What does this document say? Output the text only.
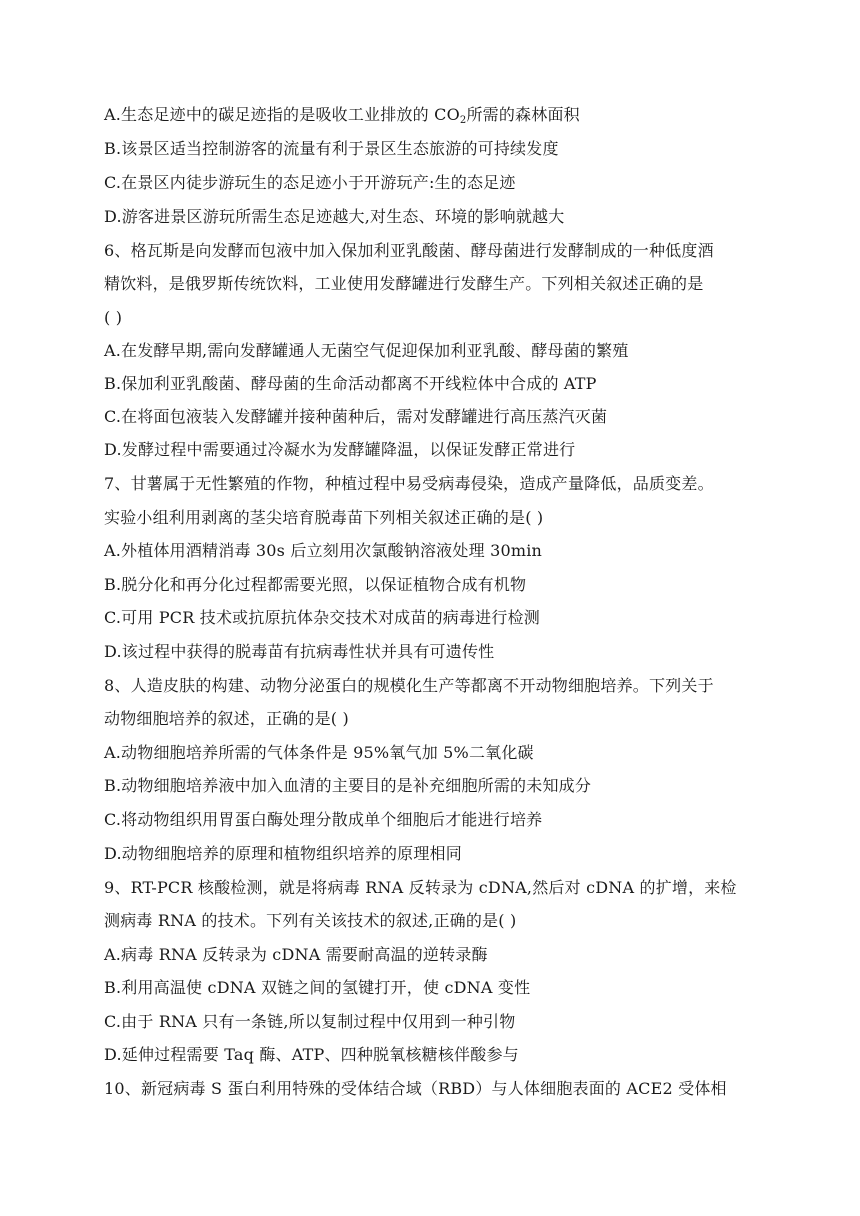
A.生态足迹中的碳足迹指的是吸收工业排放的 $CO_2$所需的森林面积
B.该景区适当控制游客的流量有利于景区生态旅游的可持续发度
C.在景区内徒步游玩生的态足迹小于开游玩产:生的态足迹
D.游客进景区游玩所需生态足迹越大,对生态、环境的影响就越大
6、格瓦斯是向发酵而包液中加入保加利亚乳酸菌、酵母菌进行发酵制成的一种低度酒
精饮料，是俄罗斯传统饮料，工业使用发酵罐进行发酵生产。下列相关叙述正确的是
( )
A.在发酵早期,需向发酵罐通人无菌空气促迎保加利亚乳酸、酵母菌的繁殖
B.保加利亚乳酸菌、酵母菌的生命活动都离不开线粒体中合成的 ATP
C.在将面包液装入发酵罐并接种菌种后，需对发酵罐进行高压蒸汽灭菌
D.发酵过程中需要通过冷凝水为发酵罐降温，以保证发酵正常进行
7、甘薯属于无性繁殖的作物，种植过程中易受病毒侵染，造成产量降低，品质变差。
实验小组利用剥离的茎尖培育脱毒苗下列相关叙述正确的是( )
A.外植体用酒精消毒 30s 后立刻用次氯酸钠溶液处理 30min
B.脱分化和再分化过程都需要光照，以保证植物合成有机物
C.可用 PCR 技术或抗原抗体杂交技术对成苗的病毒进行检测
D.该过程中获得的脱毒苗有抗病毒性状并具有可遗传性
8、人造皮肤的构建、动物分泌蛋白的规模化生产等都离不开动物细胞培养。下列关于
动物细胞培养的叙述，正确的是( )
A.动物细胞培养所需的气体条件是 95%氧气加 5%二氧化碳
B.动物细胞培养液中加入血清的主要目的是补充细胞所需的未知成分
C.将动物组织用胃蛋白酶处理分散成单个细胞后才能进行培养
D.动物细胞培养的原理和植物组织培养的原理相同
9、RT-PCR 核酸检测，就是将病毒 RNA 反转录为 cDNA,然后对 cDNA 的扩增，来检
测病毒 RNA 的技术。下列有关该技术的叙述,正确的是( )
A.病毒 RNA 反转录为 cDNA 需要耐高温的逆转录酶
B.利用高温使 cDNA 双链之间的氢键打开，使 cDNA 变性
C.由于 RNA 只有一条链,所以复制过程中仅用到一种引物
D.延伸过程需要 Taq 酶、ATP、四种脱氧核糖核伴酸参与
10、新冠病毒 S 蛋白利用特殊的受体结合域（RBD）与人体细胞表面的 ACE2 受体相
